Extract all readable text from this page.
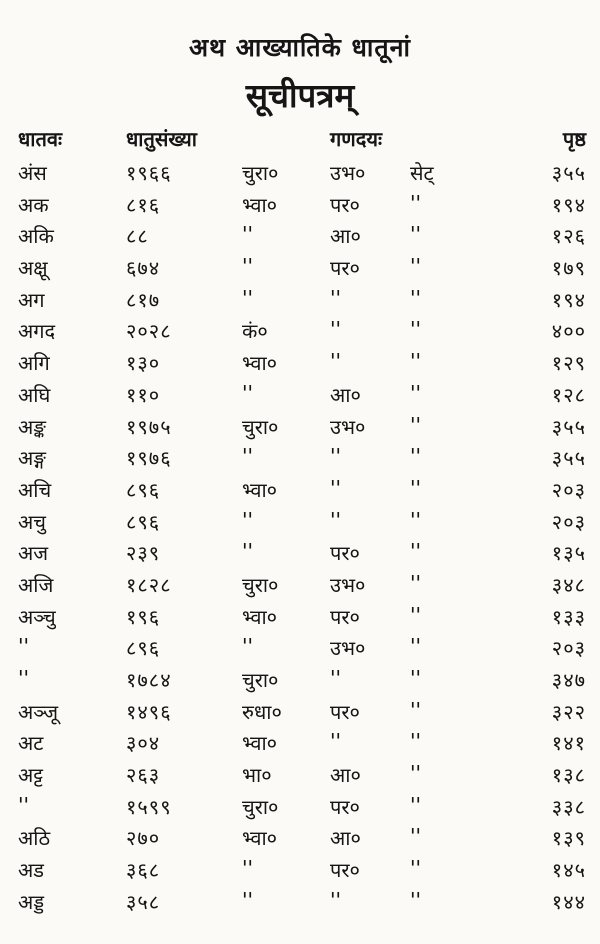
अथ आख्यातिके धातूनां
सूचीपत्रम्
धातवः	धातुसंख्या	गणदयः	पृष्ठ
अंस	१९६६	चुरा०	उभ० सेट्	३५५
अक	८१६	भ्वा०	पर०	''	१९४
अकि	८८	''	आ० ''	१२६
अक्षू	६७४	''	पर०	''	१७९
अग	८१७	''	''	''	१९४
अगद	२०२८	कं०	''	''	४००
अगि	१३०	भ्वा०	''	''	१२९
अघि	११०	''	आ० ''	१२८
अङ्क	१९७५	चुरा०	उभ० ''	३५५
अङ्ग	१९७६	''	''	''	३५५
अचि	८९६	भ्वा०	''	''	२०३
अचु	८९६	''	''	''	२०३
अज	२३९	''	पर०	''	१३५
अजि	१८२८	चुरा०	उभ० ''	३४८
अञ्चु	१९६	भ्वा०	पर०	''	१३३
''	८९६	''	उभ० ''	२०३
''	१७८४	चुरा०	''	''	३४७
अञ्जू	१४९६	रुधा० पर०	''	३२२
अट	३०४	भ्वा०	''	''	१४१
अट्ट	२६३	भा०	आ० ''	१३८
''	१५९९	चुरा०	पर०	''	३३८
अठि	२७०	भ्वा०	आ० ''	१३९
अड	३६८	''	पर०	''	१४५
अड्ड	३५८	''	''	''	१४४
